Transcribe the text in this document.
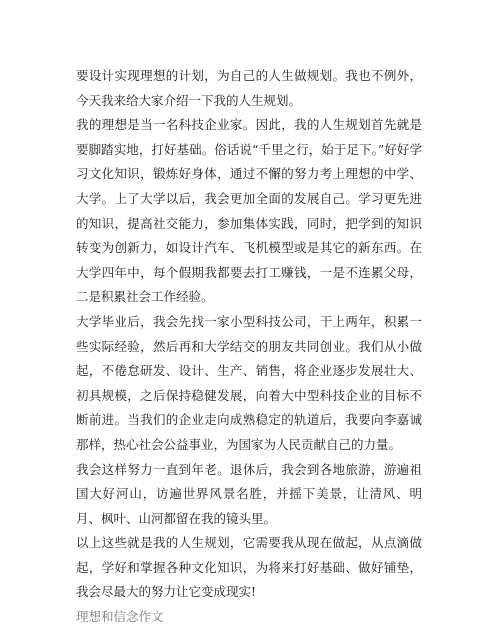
要设计实现理想的计划，为自己的人生做规划。我也不例外，今天我来给大家介绍一下我的人生规划。

我的理想是当一名科技企业家。因此，我的人生规划首先就是要脚踏实地，打好基础。俗话说“千里之行，始于足下。”好好学习文化知识，锻炼好身体，通过不懈的努力考上理想的中学、大学。上了大学以后，我会更加全面的发展自己。学习更先进的知识，提高社交能力，参加集体实践，同时，把学到的知识转变为创新力，如设计汽车、飞机模型或是其它的新东西。在大学四年中，每个假期我都要去打工赚钱，一是不连累父母，二是积累社会工作经验。

大学毕业后，我会先找一家小型科技公司，干上两年，积累一些实际经验，然后再和大学结交的朋友共同创业。我们从小做起，不倦怠研发、设计、生产、销售，将企业逐步发展壮大、初具规模，之后保持稳健发展，向着大中型科技企业的目标不断前进。当我们的企业走向成熟稳定的轨道后，我要向李嘉诚那样，热心社会公益事业，为国家为人民贡献自己的力量。

我会这样努力一直到年老。退休后，我会到各地旅游，游遍祖国大好河山，访遍世界风景名胜，并摇下美景，让清风、明月、枫叶、山河都留在我的镜头里。

以上这些就是我的人生规划，它需要我从现在做起，从点滴做起，学好和掌握各种文化知识，为将来打好基础、做好铺垫，我会尽最大的努力让它变成现实!

理想和信念作文
